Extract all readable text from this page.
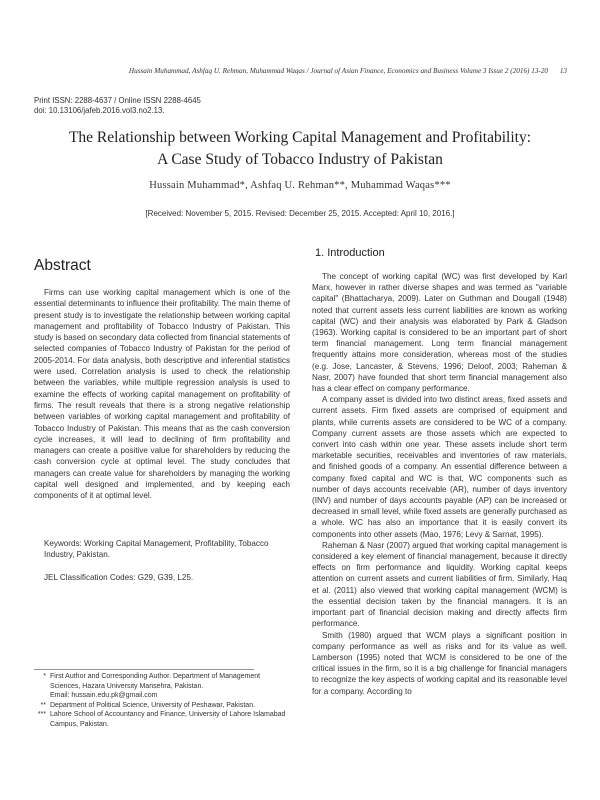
Hussain Muhammad, Ashfaq U. Rehman, Muhammad Waqas / Journal of Asian Finance, Economics and Business Volume 3 Issue 2 (2016) 13-20 13
Print ISSN: 2288-4637 / Online ISSN 2288-4645
doi: 10.13106/jafeb.2016.vol3.no2.13.
The Relationship between Working Capital Management and Profitability:
A Case Study of Tobacco Industry of Pakistan
Hussain Muhammad*, Ashfaq U. Rehman**, Muhammad Waqas***
[Received: November 5, 2015. Revised: December 25, 2015. Accepted: April 10, 2016.]
Abstract

Firms can use working capital management which is one of the essential determinants to influence their profitability. The main theme of present study is to investigate the relationship between working capital management and profitability of Tobacco Industry of Pakistan. This study is based on secondary data collected from financial statements of selected companies of Tobacco Industry of Pakistan for the period of 2005-2014. For data analysis, both descriptive and inferential statistics were used. Correlation analysis is used to check the relationship between the variables, while multiple regression analysis is used to examine the effects of working capital management on profitability of firms. The result reveals that there is a strong negative relationship between variables of working capital management and profitability of Tobacco Industry of Pakistan. This means that as the cash conversion cycle increases, it will lead to declining of firm profitability and managers can create a positive value for shareholders by reducing the cash conversion cycle at optimal level. The study concludes that managers can create value for shareholders by managing the working capital well designed and implemented, and by keeping each components of it at optimal level.

Keywords: Working Capital Management, Profitability, Tobacco Industry, Pakistan.
JEL Classification Codes: G29, G39, L25.
* First Author and Corresponding Author. Department of Management Sciences, Hazara University Mansehra, Pakistan.
Email: hussain.edu.pk@gmail.com
** Department of Political Science, University of Peshawar, Pakistan.
*** Lahore School of Accountancy and Finance, University of Lahore Islamabad Campus, Pakistan.
1. Introduction

The concept of working capital (WC) was first developed by Karl Marx, however in rather diverse shapes and was termed as "variable capital" (Bhattacharya, 2009). Later on Guthman and Dougall (1948) noted that current assets less current liabilities are known as working capital (WC) and their analysis was elaborated by Park & Gladson (1963). Working capital is considered to be an important part of short term financial management. Long term financial management frequently attains more consideration, whereas most of the studies (e.g. Jose, Lancaster, & Stevens, 1996; Deloof, 2003; Raheman & Nasr, 2007) have founded that short term financial management also has a clear effect on company performance.

A company asset is divided into two distinct areas, fixed assets and current assets. Firm fixed assets are comprised of equipment and plants, while currents assets are considered to be WC of a company. Company current assets are those assets which are expected to convert into cash within one year. These assets include short term marketable securities, receivables and inventories of raw materials, and finished goods of a company. An essential difference between a company fixed capital and WC is that, WC components such as number of days accounts receivable (AR), number of days inventory (INV) and number of days accounts payable (AP) can be increased or decreased in small level, while fixed assets are generally purchased as a whole. WC has also an importance that it is easily convert its components into other assets (Mao, 1976; Levy & Sarnat, 1995).

Raheman & Nasr (2007) argued that working capital management is considered a key element of financial management, because it directly effects on firm performance and liquidity. Working capital keeps attention on current assets and current liabilities of firm. Similarly, Haq et al. (2011) also viewed that working capital management (WCM) is the essential decision taken by the financial managers. It is an important part of financial decision making and directly affects firm performance.

Smith (1980) argued that WCM plays a significant position in company performance as well as risks and for its value as well. Lamberson (1995) noted that WCM is considered to be one of the critical issues in the firm, so it is a big challenge for financial managers to recognize the key aspects of working capital and its reasonable level for a company. According to
